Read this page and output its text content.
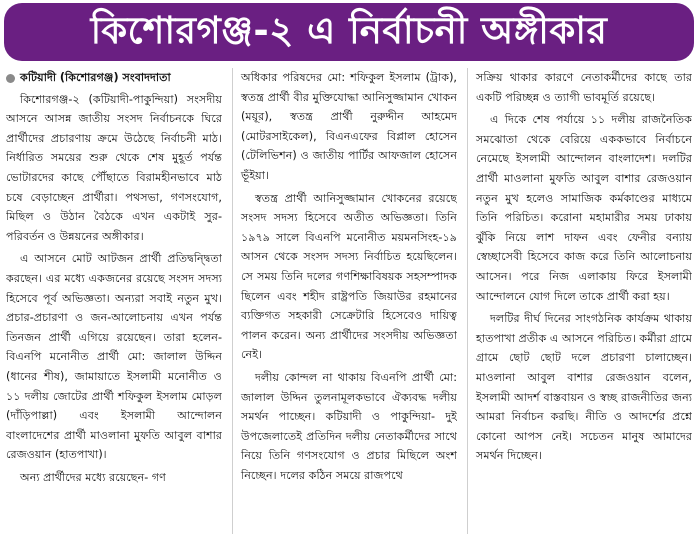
কিশোরগঞ্জ-২ এ নির্বাচনী অঙ্গীকার
কটিয়াদী (কিশোরগঞ্জ) সংবাদদাতা

কিশোরগঞ্জ-২ (কটিয়াদী-পাকুন্দিয়া) সংসদীয় আসনে আসন্ন জাতীয় সংসদ নির্বাচনকে ঘিরে প্রার্থীদের প্রচারণায় ক্রমে উঠেছে নির্বাচনী মাঠ। নির্ধারিত সময়ের শুরু থেকে শেষ মুহূর্ত পর্যন্ত ভোটারদের কাছে পৌঁছাতে বিরামহীনভাবে মাঠ চষে বেড়াচ্ছেন প্রার্থীরা। পথসভা, গণসংযোগ, মিছিল ও উঠান বৈঠকে এখন একটাই সুর- পরিবর্তন ও উন্নয়নের অঙ্গীকার।

এ আসনে মোট আটজন প্রার্থী প্রতিদ্বন্দ্বিতা করছেন। এর মধ্যে একজনের রয়েছে সংসদ সদস্য হিসেবে পূর্ব অভিজ্ঞতা। অন্যরা সবাই নতুন মুখ। প্রচার-প্রচারণা ও জন-আলোচনায় এখন পর্যন্ত তিনজন প্রার্থী এগিয়ে রয়েছেন। তারা হলেন- বিএনপি মনোনীত প্রার্থী মো: জালাল উদ্দিন (ধানের শীষ), জামায়াতে ইসলামী মনোনীত ও ১১ দলীয় জোটের প্রার্থী শফিকুল ইসলাম মোড়ল (দাঁড়িপাল্লা) এবং ইসলামী আন্দোলন বাংলাদেশের প্রার্থী মাওলানা মুফতি আবুল বাশার রেজওয়ান (হাতপাখা)।

অন্য প্রার্থীদের মধ্যে রয়েছেন- গণ

অধিকার পরিষদের মো: শফিকুল ইসলাম (ট্রাক), স্বতন্ত্র প্রার্থী বীর মুক্তিযোদ্ধা আনিসুজ্জামান খোকন (ময়ূর), স্বতন্ত্র প্রার্থী নুরুদ্দীন আহমেদ (মোটরসাইকেল), বিএনএফের বিপ্লাল হোসেন (টেলিভিশন) ও জাতীয় পার্টির আফজাল হোসেন ভূঁইয়া।

স্বতন্ত্র প্রার্থী আনিসুজ্জামান খোকনের রয়েছে সংসদ সদস্য হিসেবে অতীত অভিজ্ঞতা। তিনি ১৯৭৯ সালে বিএনপি মনোনীত ময়মনসিংহ-১৯ আসন থেকে সংসদ সদস্য নির্বাচিত হয়েছিলেন। সে সময় তিনি দলের গণশিক্ষাবিষয়ক সহসম্পাদক ছিলেন এবং শহীদ রাষ্ট্রপতি জিয়াউর রহমানের ব্যক্তিগত সহকারী সেক্রেটারি হিসেবেও দায়িত্ব পালন করেন। অন্য প্রার্থীদের সংসদীয় অভিজ্ঞতা নেই।

দলীয় কোন্দল না থাকায় বিএনপি প্রার্থী মো: জালাল উদ্দিন তুলনামূলকভাবে ঐক্যবদ্ধ দলীয় সমর্থন পাচ্ছেন। কটিয়াদী ও পাকুন্দিয়া- দুই উপজেলাতেই প্রতিদিন দলীয় নেতাকর্মীদের সাথে নিয়ে তিনি গণসংযোগ ও প্রচার মিছিলে অংশ নিচ্ছেন। দলের কঠিন সময়ে রাজপথে

সক্রিয় থাকার কারণে নেতাকর্মীদের কাছে তার একটি পরিচ্ছন্ন ও ত্যাগী ভাবমূর্তি রয়েছে।

এ দিকে শেষ পর্যায়ে ১১ দলীয় রাজনৈতিক সমঝোতা থেকে বেরিয়ে এককভাবে নির্বাচনে নেমেছে ইসলামী আন্দোলন বাংলাদেশ। দলটির প্রার্থী মাওলানা মুফতি আবুল বাশার রেজওয়ান নতুন মুখ হলেও সামাজিক কর্মকাণ্ডের মাধ্যমে তিনি পরিচিত। করোনা মহামারীর সময় ঢাকায় ঝুঁকি নিয়ে লাশ দাফন এবং ফেনীর বন্যায় স্বেচ্ছাসেবী হিসেবে কাজ করে তিনি আলোচনায় আসেন। পরে নিজ এলাকায় ফিরে ইসলামী আন্দোলনে যোগ দিলে তাকে প্রার্থী করা হয়।

দলটির দীর্ঘ দিনের সাংগঠনিক কার্যক্রম থাকায় হাতপাখা প্রতীক এ আসনে পরিচিত। কর্মীরা গ্রামে গ্রামে ছোট ছোট দলে প্রচারণা চালাচ্ছেন। মাওলানা আবুল বাশার রেজওয়ান বলেন, ইসলামী আদর্শ বাস্তবায়ন ও স্বচ্ছ রাজনীতির জন্য আমরা নির্বাচন করছি। নীতি ও আদর্শের প্রশ্নে কোনো আপস নেই। সচেতন মানুষ আমাদের সমর্থন দিচ্ছেন।
